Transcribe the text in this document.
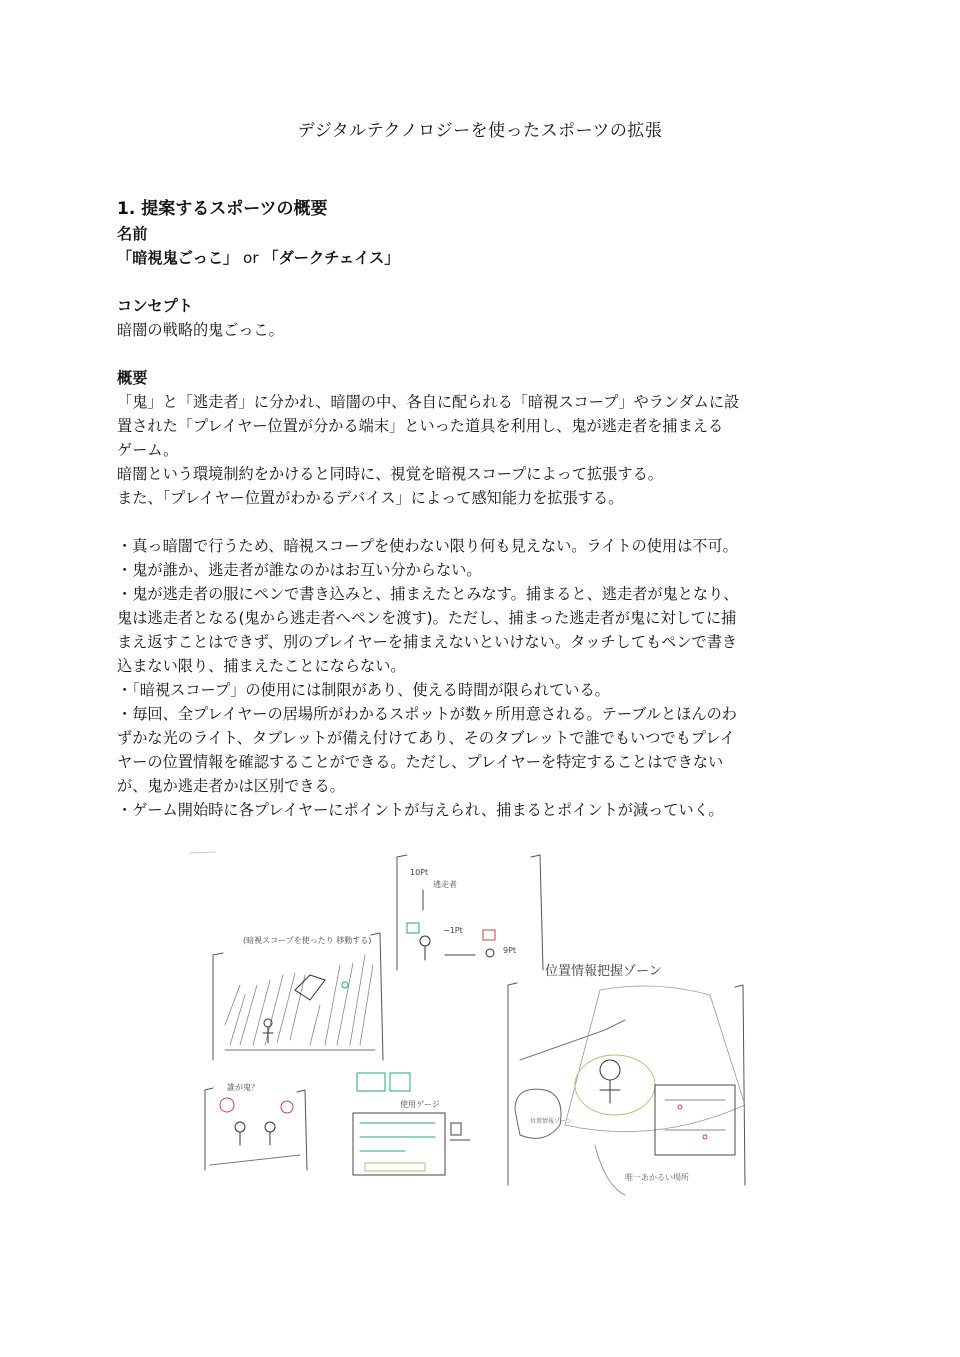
デジタルテクノロジーを使ったスポーツの拡張

1. 提案するスポーツの概要

名前

「暗視鬼ごっこ」 or 「ダークチェイス」

コンセプト

暗闇の戦略的鬼ごっこ。

概要

「鬼」と「逃走者」に分かれ、暗闇の中、各自に配られる「暗視スコープ」やランダムに設

置された「プレイヤー位置が分かる端末」といった道具を利用し、鬼が逃走者を捕まえる

ゲーム。

暗闇という環境制約をかけると同時に、視覚を暗視スコープによって拡張する。

また、「プレイヤー位置がわかるデバイス」によって感知能力を拡張する。

・真っ暗闇で行うため、暗視スコープを使わない限り何も見えない。ライトの使用は不可。

・鬼が誰か、逃走者が誰なのかはお互い分からない。

・鬼が逃走者の服にペンで書き込みと、捕まえたとみなす。捕まると、逃走者が鬼となり、

鬼は逃走者となる(鬼から逃走者へペンを渡す)。ただし、捕まった逃走者が鬼に対してに捕

まえ返すことはできず、別のプレイヤーを捕まえないといけない。タッチしてもペンで書き

込まない限り、捕まえたことにならない。

・「暗視スコープ」の使用には制限があり、使える時間が限られている。

・毎回、全プレイヤーの居場所がわかるスポットが数ヶ所用意される。テーブルとほんのわ

ずかな光のライト、タブレットが備え付けてあり、そのタブレットで誰でもいつでもプレイ

ヤーの位置情報を確認することができる。ただし、プレイヤーを特定することはできない

が、鬼か逃走者かは区別できる。

・ゲーム開始時に各プレイヤーにポイントが与えられ、捕まるとポイントが減っていく。

(暗視スコープを使ったり 移動する)
10Pt
逃走者
−1Pt
9Pt
位置情報把握ゾーン
唯一あかるい場所
位置情報ゾーン
誰が鬼？
使用ゲージ
